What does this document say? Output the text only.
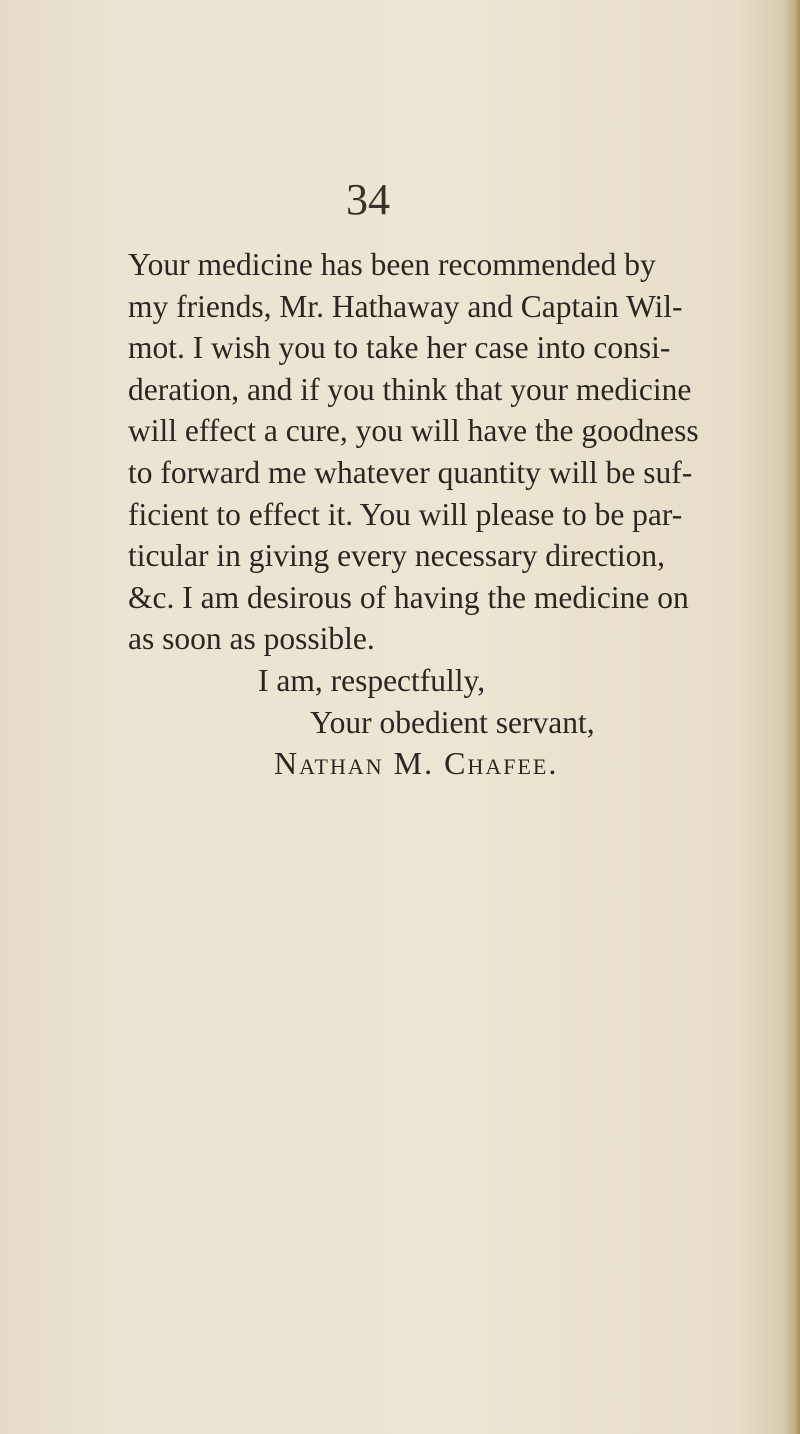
34
Your medicine has been recommended by
my friends, Mr. Hathaway and Captain Wil-
mot. I wish you to take her case into consi-
deration, and if you think that your medicine
will effect a cure, you will have the goodness
to forward me whatever quantity will be suf-
ficient to effect it. You will please to be par-
ticular in giving every necessary direction,
&c. I am desirous of having the medicine on
as soon as possible.
I am, respectfully,
Your obedient servant,
Nathan M. Chafee.
